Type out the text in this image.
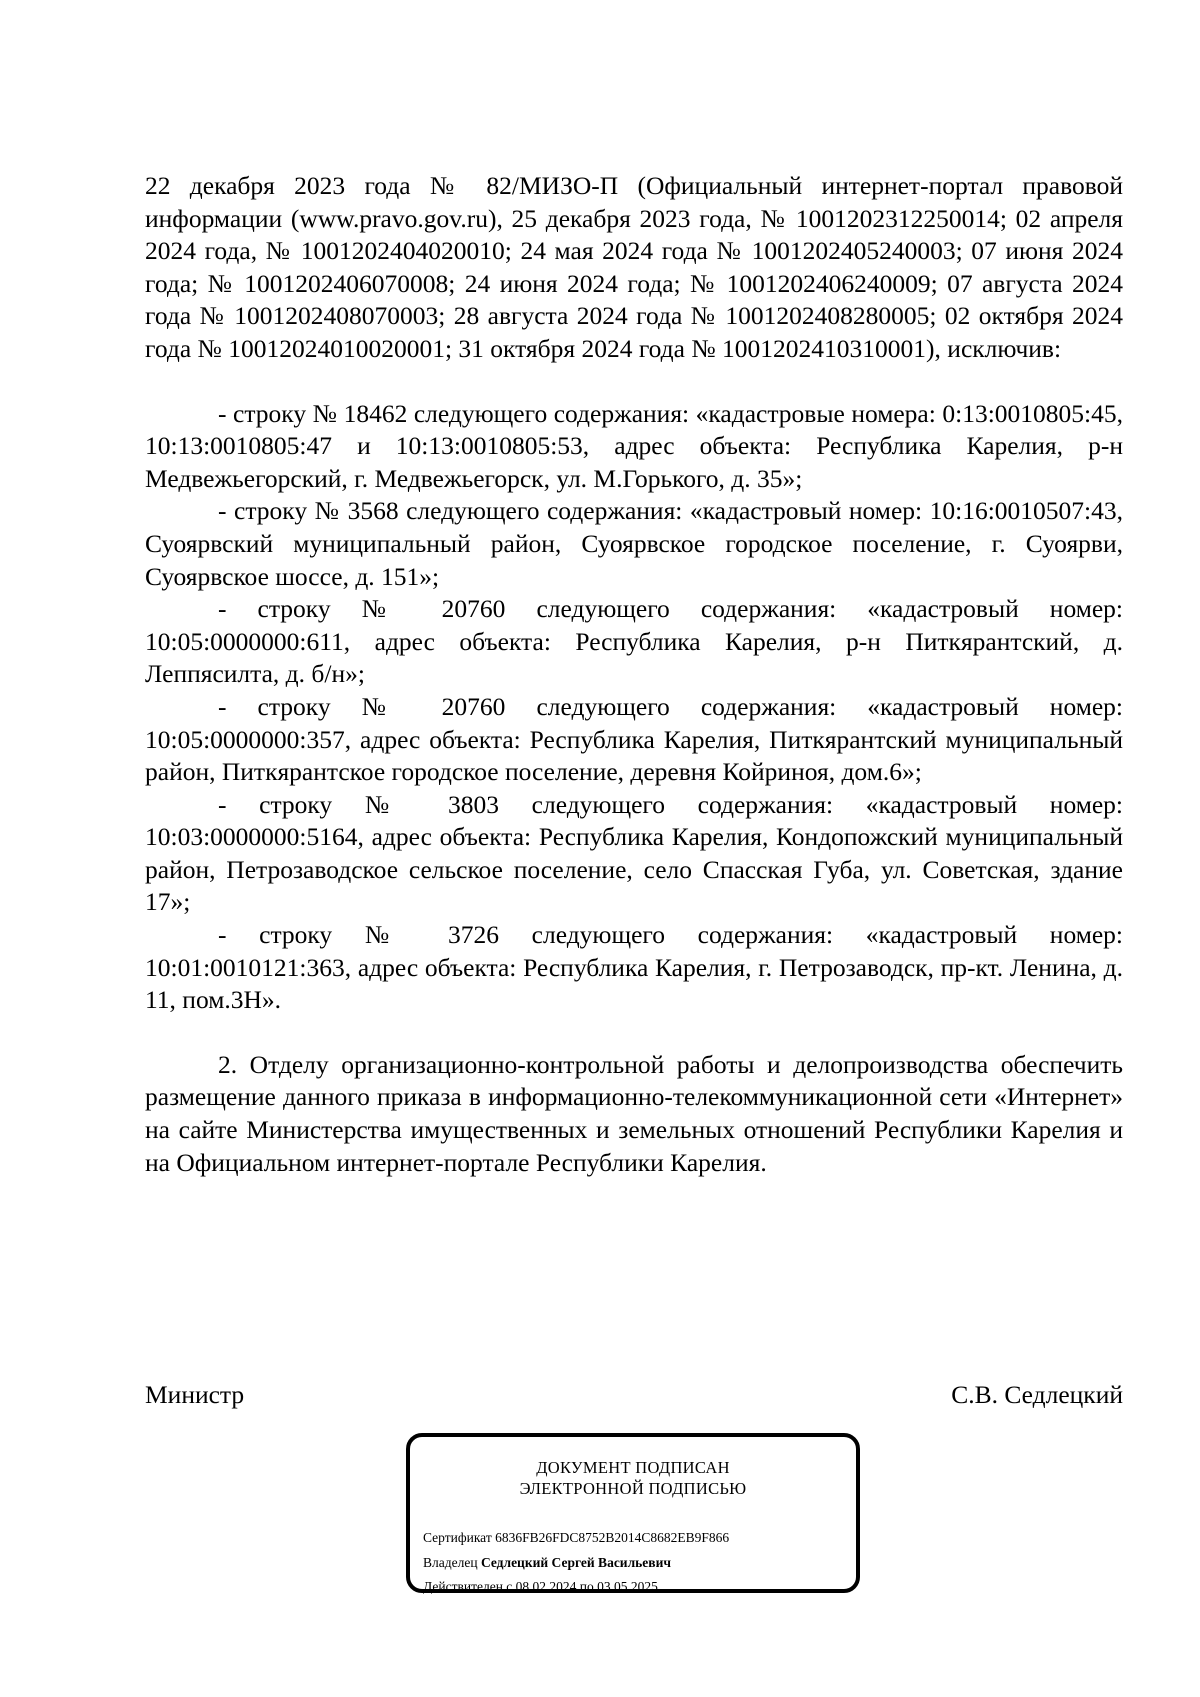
22 декабря 2023 года № 82/МИЗО-П (Официальный интернет-портал правовой информации (www.pravo.gov.ru), 25 декабря 2023 года, № 1001202312250014; 02 апреля 2024 года, № 1001202404020010; 24 мая 2024 года № 1001202405240003; 07 июня 2024 года; № 1001202406070008; 24 июня 2024 года; № 1001202406240009; 07 августа 2024 года № 1001202408070003; 28 августа 2024 года № 1001202408280005; 02 октября 2024 года № 10012024010020001; 31 октября 2024 года № 1001202410310001), исключив:

- строку № 18462 следующего содержания: «кадастровые номера: 0:13:0010805:45, 10:13:0010805:47 и 10:13:0010805:53, адрес объекта: Республика Карелия, р-н Медвежьегорский, г. Медвежьегорск, ул. М.Горького, д. 35»;

- строку № 3568 следующего содержания: «кадастровый номер: 10:16:0010507:43, Суоярвский муниципальный район, Суоярвское городское поселение, г. Суоярви, Суоярвское шоссе, д. 151»;

- строку № 20760 следующего содержания: «кадастровый номер: 10:05:0000000:611, адрес объекта: Республика Карелия, р-н Питкярантский, д. Леппясилта, д. б/н»;

- строку № 20760 следующего содержания: «кадастровый номер: 10:05:0000000:357, адрес объекта: Республика Карелия, Питкярантский муниципальный район, Питкярантское городское поселение, деревня Койриноя, дом.6»;

- строку № 3803 следующего содержания: «кадастровый номер: 10:03:0000000:5164, адрес объекта: Республика Карелия, Кондопожский муниципальный район, Петрозаводское сельское поселение, село Спасская Губа, ул. Советская, здание 17»;

- строку № 3726 следующего содержания: «кадастровый номер: 10:01:0010121:363, адрес объекта: Республика Карелия, г. Петрозаводск, пр-кт. Ленина, д. 11, пом.3Н».

2. Отделу организационно-контрольной работы и делопроизводства обеспечить размещение данного приказа в информационно-телекоммуникационной сети «Интернет» на сайте Министерства имущественных и земельных отношений Республики Карелия и на Официальном интернет-портале Республики Карелия.

Министр	С.В. Седлецкий
ДОКУМЕНТ ПОДПИСАН
ЭЛЕКТРОННОЙ ПОДПИСЬЮ
Сертификат 6836FB26FDC8752B2014C8682EB9F866
Владелец Седлецкий Сергей Васильевич
Действителен с 08.02.2024 по 03.05.2025
